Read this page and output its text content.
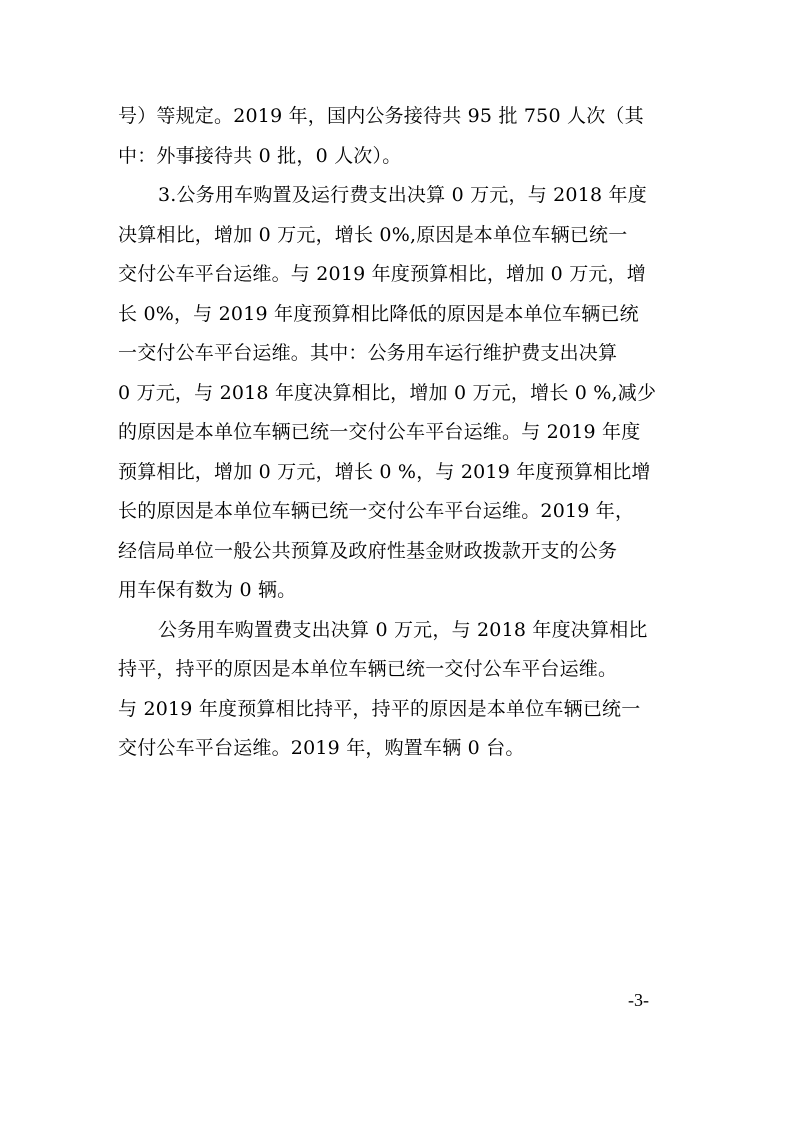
号）等规定。2019 年，国内公务接待共 95 批 750 人次（其
中：外事接待共 0 批，0 人次）。

3.公务用车购置及运行费支出决算 0 万元，与 2018 年度
决算相比，增加 0 万元，增长 0%,原因是本单位车辆已统一
交付公车平台运维。与 2019 年度预算相比，增加 0 万元，增
长 0%，与 2019 年度预算相比降低的原因是本单位车辆已统
一交付公车平台运维。其中：公务用车运行维护费支出决算
0 万元，与 2018 年度决算相比，增加 0 万元，增长 0 %,减少
的原因是本单位车辆已统一交付公车平台运维。与 2019 年度
预算相比，增加 0 万元，增长 0 %，与 2019 年度预算相比增
长的原因是本单位车辆已统一交付公车平台运维。2019 年，
经信局单位一般公共预算及政府性基金财政拨款开支的公务
用车保有数为 0 辆。

公务用车购置费支出决算 0 万元，与 2018 年度决算相比
持平，持平的原因是本单位车辆已统一交付公车平台运维。
与 2019 年度预算相比持平，持平的原因是本单位车辆已统一
交付公车平台运维。2019 年，购置车辆 0 台。

-3-
